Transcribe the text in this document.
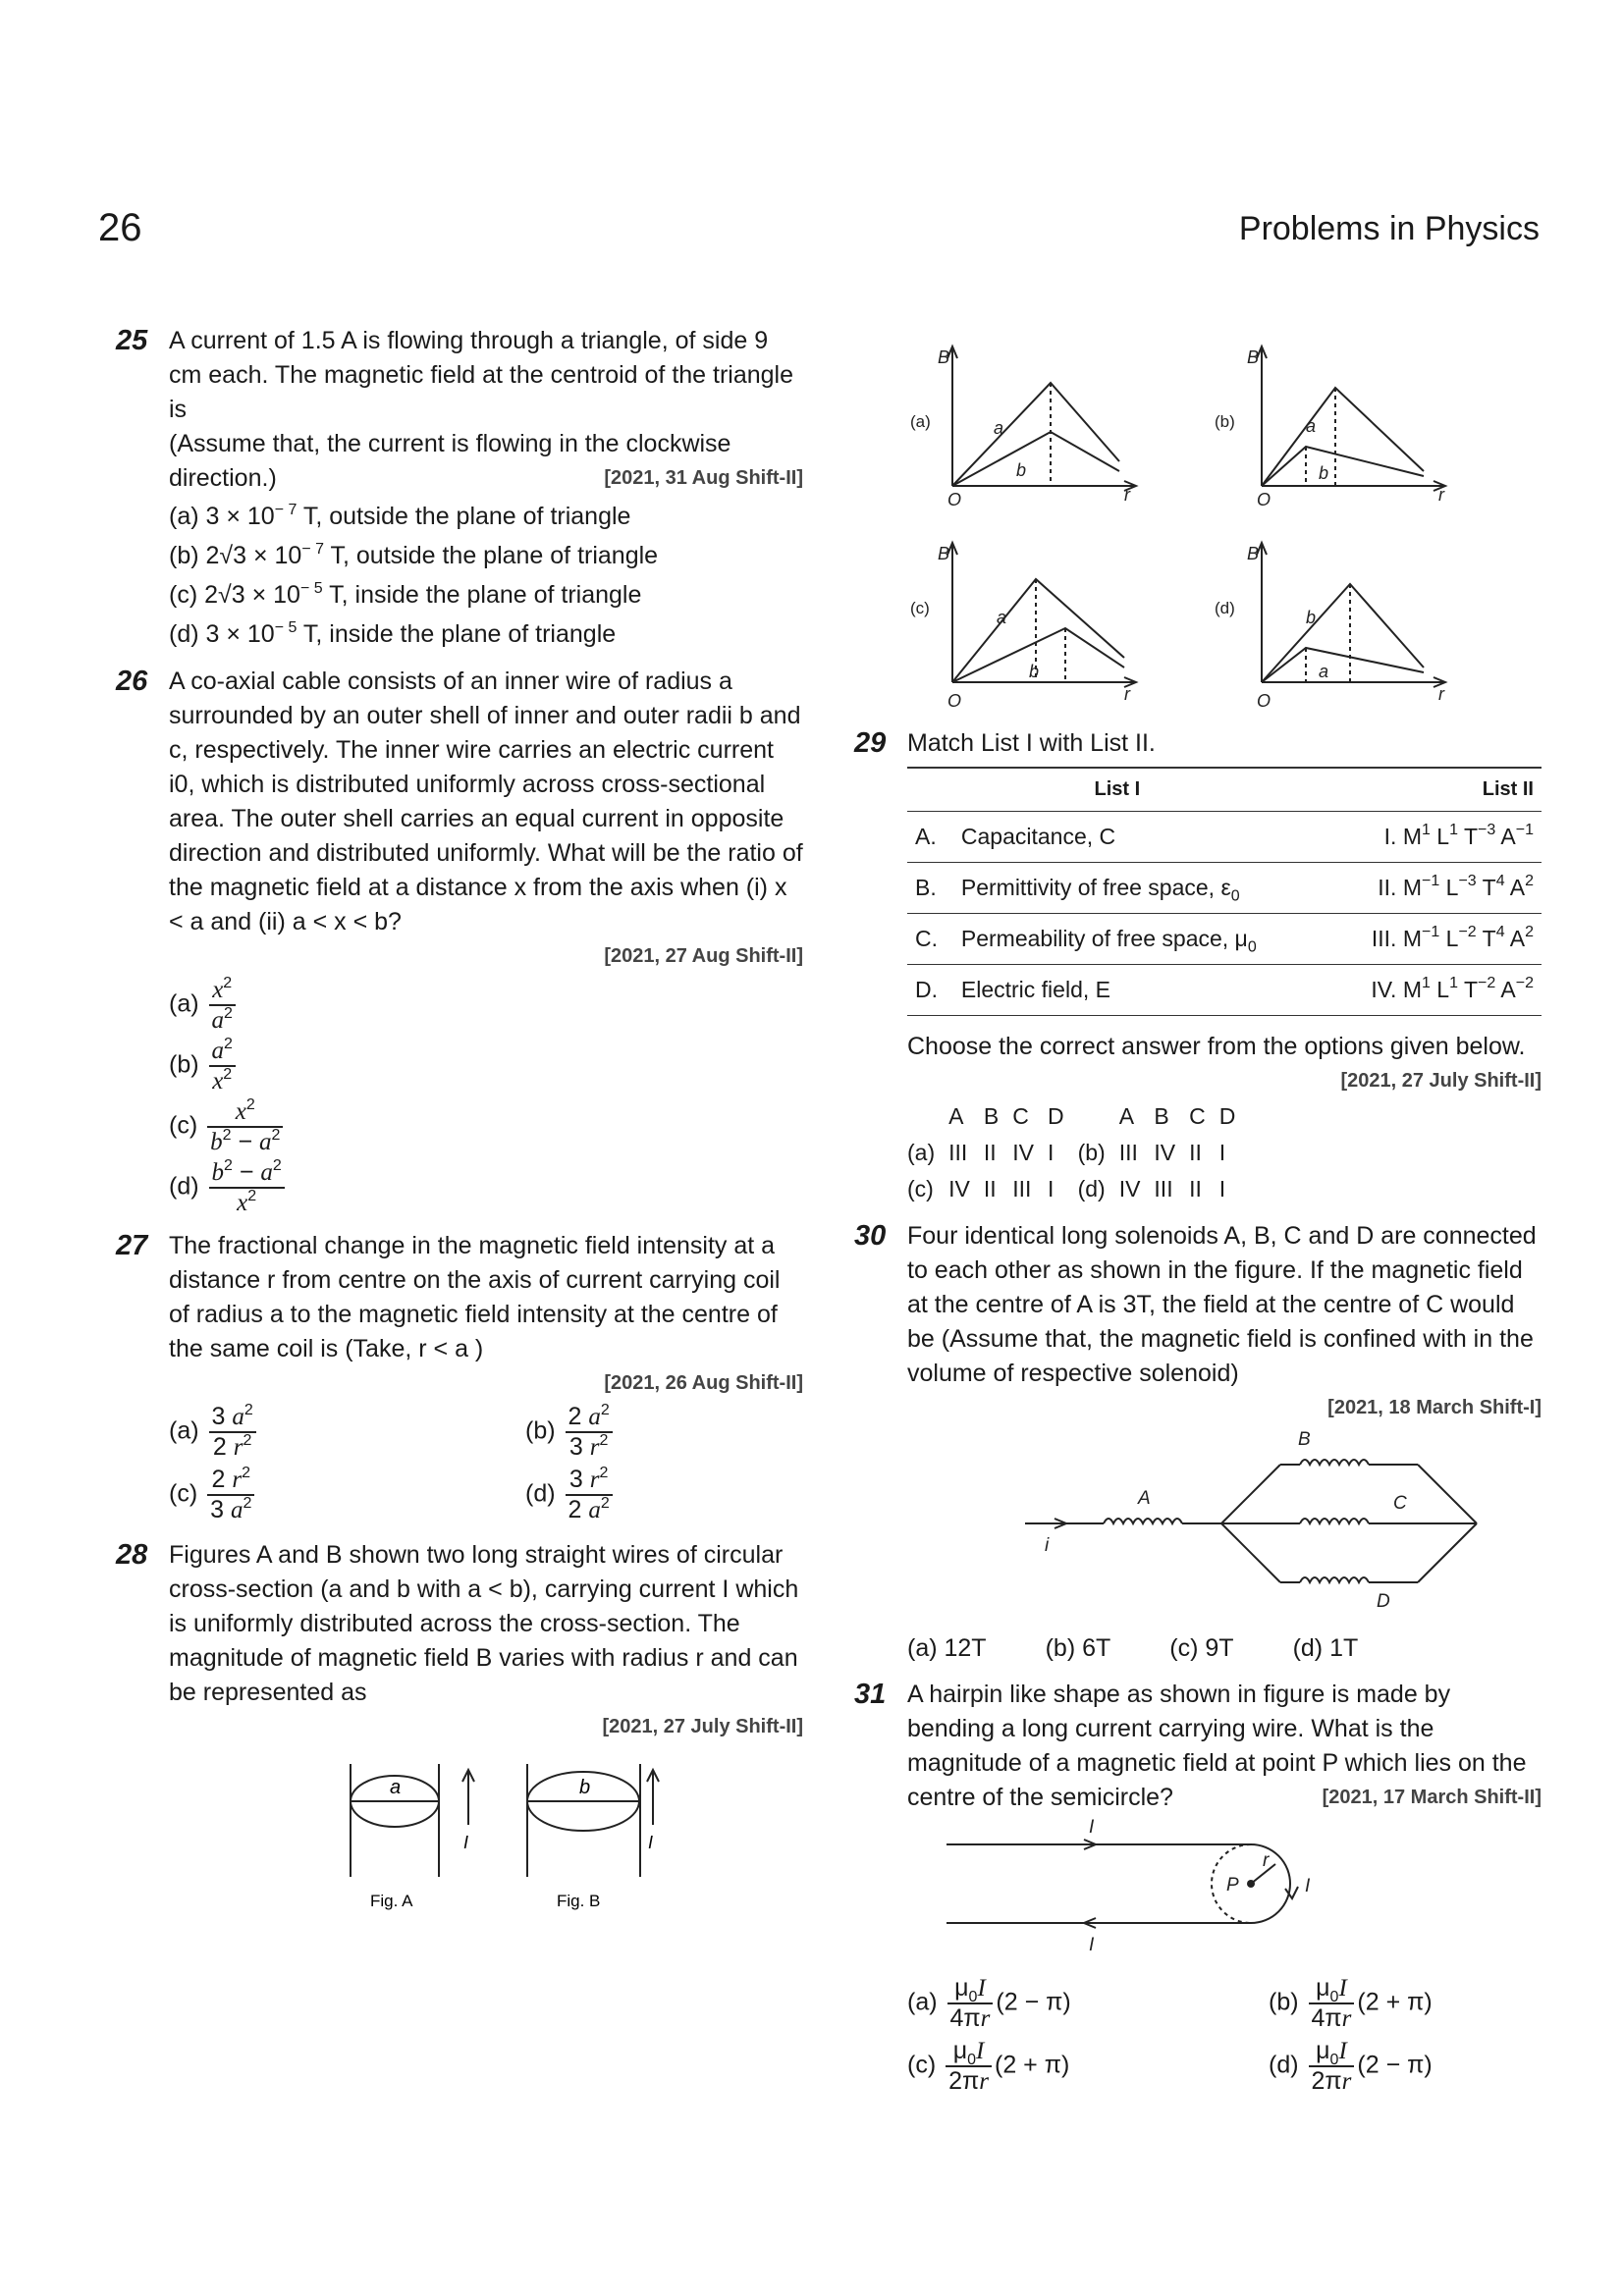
26	Problems in Physics
25 A current of 1.5 A is flowing through a triangle, of side 9 cm each. The magnetic field at the centroid of the triangle is
(Assume that, the current is flowing in the clockwise direction.)	[2021, 31 Aug Shift-II]
(a) $3 \times 10^{- 7}$ T, outside the plane of triangle
(b) $2√3 \times 10^{- 7}$ T, outside the plane of triangle
(c) $2√3 \times 10^{- 5}$ T, inside the plane of triangle
(d) $3 \times 10^{- 5}$ T, inside the plane of triangle
26 A co-axial cable consists of an inner wire of radius a surrounded by an outer shell of inner and outer radii b and c, respectively. The inner wire carries an electric current i0, which is distributed uniformly across cross-sectional area. The outer shell carries an equal current in opposite direction and distributed uniformly. What will be the ratio of the magnetic field at a distance x from the axis when (i) x < a and (ii) a < x < b?
[2021, 27 Aug Shift-II]
$(a) \frac{x^2}{a^2}$
$(b) \frac{a^2}{x^2}$
$(c) \frac{x^2}{b^2 - a^2}$
$(d) \frac{b^2 - a^2}{x^2}$
27 The fractional change in the magnetic field intensity at a distance r from centre on the axis of current carrying coil of radius a to the magnetic field intensity at the centre of the same coil is (Take, r < a )
[2021, 26 Aug Shift-II]
$(a) \frac{3 a^2}{2 r^2}$	$(b) \frac{2 a^2}{3 r^2}$
$(c) \frac{2 r^2}{3 a^2}$	$(d) \frac{3 r^2}{2 a^2}$
28 Figures A and B shown two long straight wires of circular cross-section (a and b with a < b), carrying current I which is uniformly distributed across the cross-section. The magnitude of magnetic field B varies with radius r and can be represented as
[2021, 27 July Shift-II]
a	b
I	I
Fig. A	Fig. B
(a)
B
O	r
a
b
(b)
B
O	r
a
b
(c)
B
O	r
a
b
(d)
B
O	r
b
a
29 Match List I with List II.
List I		List II
A.	Capacitance, C	I. $M^1$ $L^1$ $T^{-3}$ $A^{-1}$
B.	Permittivity of free space, $\varepsilon_0$	II. $M^{-1}$ $L^{-3}$ $T^4$ $A^2$
C.	Permeability of free space, $\mu_0$	III. $M^{-1}$ $L^{-2}$ $T^4$ $A^2$
D.	Electric field, E	IV. $M^1$ $L^1$ $T^{-2}$ $A^{-2}$
Choose the correct answer from the options given below.
[2021, 27 July Shift-II]
	A	B	C	D		A	B	C	D
(a)	III	II	IV	I	(b)	III	IV	II	I
(c)	IV	II	III	I	(d)	IV	III	II	I
30 Four identical long solenoids A, B, C and D are connected to each other as shown in the figure. If the magnetic field at the centre of A is 3T, the field at the centre of C would be (Assume that, the magnetic field is confined with in the volume of respective solenoid)
[2021, 18 March Shift-I]
A
i
B
C
D
(a) 12T (b) 6T (c) 9T (d) 1T
31 A hairpin like shape as shown in figure is made by bending a long current carrying wire. What is the magnitude of a magnetic field at point P which lies on the centre of the semicircle?	[2021, 17 March Shift-II]
I
I
P
r
I
$(a) \frac{\mu_0I}{4\pi r} (2 - \pi)$	$(b) \frac{\mu_0I}{4\pi r} (2 + \pi)$
$(c) \frac{\mu_0I}{2\pi r} (2 + \pi)$	$(d) \frac{\mu_0I}{2\pi r} (2 - \pi)$
